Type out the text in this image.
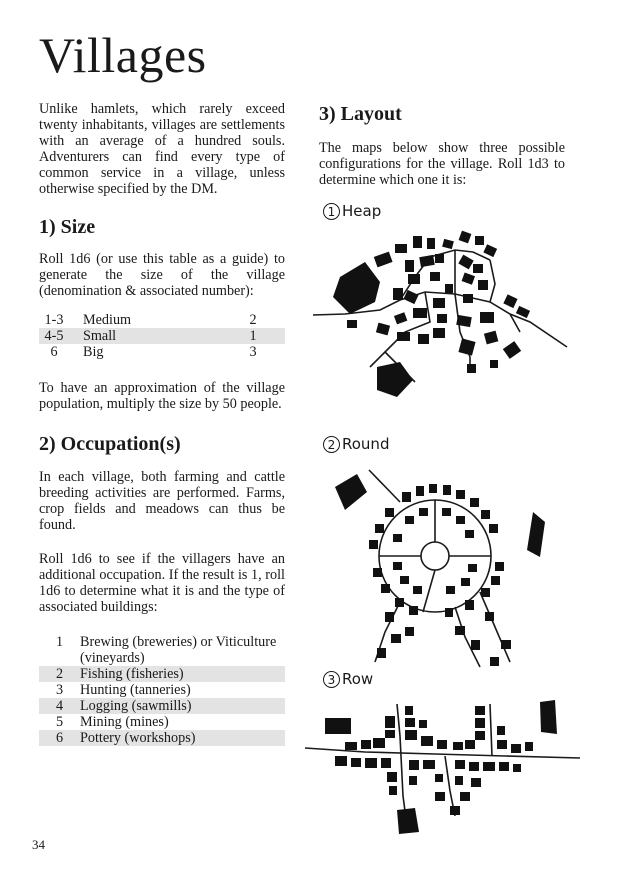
Villages

Unlike hamlets, which rarely exceed twenty inhabitants, villages are settlements with an average of a hundred souls. Adventurers can find every type of common service in a village, unless otherwise specified by the DM.

1) Size

Roll 1d6 (or use this table as a guide) to generate the size of the village (denomination & associated number):

1-3	Medium	2
4-5	Small	1
6	Big	3

To have an approximation of the village population, multiply the size by 50 people.

2) Occupation(s)

In each village, both farming and cattle breeding activities are performed. Farms, crop fields and meadows can thus be found.

Roll 1d6 to see if the villagers have an additional occupation. If the result is 1, roll 1d6 to determine what it is and the type of associated buildings:

1	Brewing (breweries) or Viticulture (vineyards)
2	Fishing (fisheries)
3	Hunting (tanneries)
4	Logging (sawmills)
5	Mining (mines)
6	Pottery (workshops)
3) Layout

The maps below show three possible configurations for the village. Roll 1d3 to determine which one it is:

1 Heap
2 Round
3 Row
34
